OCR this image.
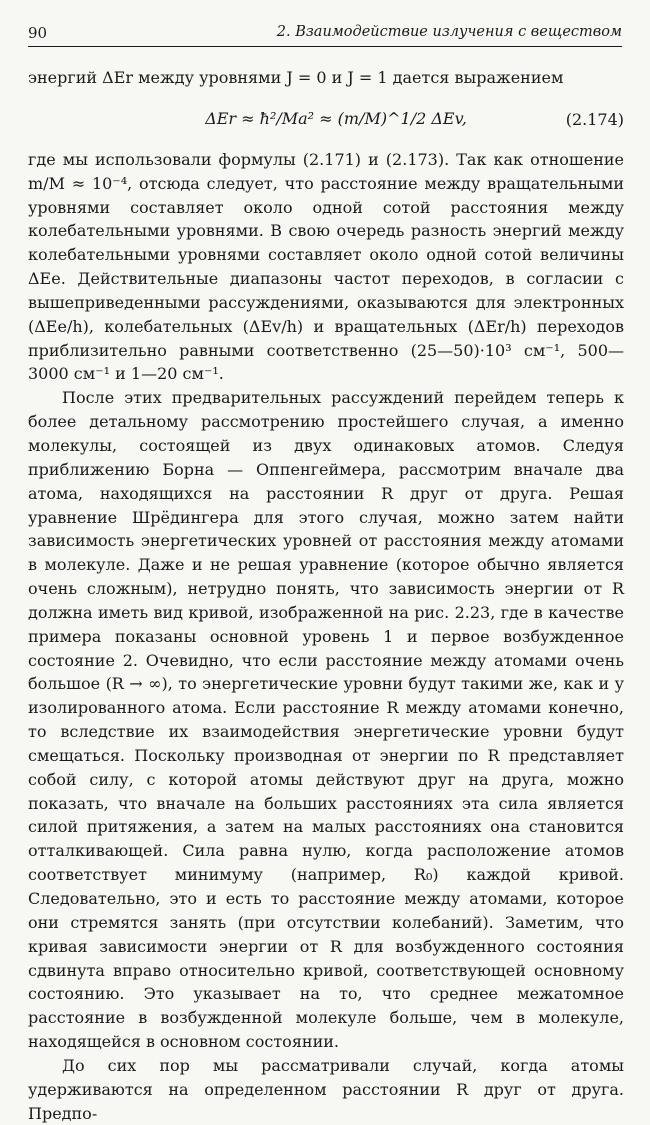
90	2. Взаимодействие излучения с веществом

энергий ΔEr между уровнями J = 0 и J = 1 дается выражением

ΔEr ≈ ħ²/Ma² ≈ (m/M)^1/2 ΔEv,	(2.174)

где мы использовали формулы (2.171) и (2.173). Так как отношение m/M ≈ 10⁻⁴, отсюда следует, что расстояние между вращательными уровнями составляет около одной сотой расстояния между колебательными уровнями. В свою очередь разность энергий между колебательными уровнями составляет около одной сотой величины ΔEe. Действительные диапазоны частот переходов, в согласии с вышеприведенными рассуждениями, оказываются для электронных (ΔEe/h), колебательных (ΔEv/h) и вращательных (ΔEr/h) переходов приблизительно равными соответственно (25—50)·10³ см⁻¹, 500—3000 см⁻¹ и 1—20 см⁻¹.

После этих предварительных рассуждений перейдем теперь к более детальному рассмотрению простейшего случая, а именно молекулы, состоящей из двух одинаковых атомов. Следуя приближению Борна — Оппенгеймера, рассмотрим вначале два атома, находящихся на расстоянии R друг от друга. Решая уравнение Шрёдингера для этого случая, можно затем найти зависимость энергетических уровней от расстояния между атомами в молекуле. Даже и не решая уравнение (которое обычно является очень сложным), нетрудно понять, что зависимость энергии от R должна иметь вид кривой, изображенной на рис. 2.23, где в качестве примера показаны основной уровень 1 и первое возбужденное состояние 2. Очевидно, что если расстояние между атомами очень большое (R → ∞), то энергетические уровни будут такими же, как и у изолированного атома. Если расстояние R между атомами конечно, то вследствие их взаимодействия энергетические уровни будут смещаться. Поскольку производная от энергии по R представляет собой силу, с которой атомы действуют друг на друга, можно показать, что вначале на больших расстояниях эта сила является силой притяжения, а затем на малых расстояниях она становится отталкивающей. Сила равна нулю, когда расположение атомов соответствует минимуму (например, R₀) каждой кривой. Следовательно, это и есть то расстояние между атомами, которое они стремятся занять (при отсутствии колебаний). Заметим, что кривая зависимости энергии от R для возбужденного состояния сдвинута вправо относительно кривой, соответствующей основному состоянию. Это указывает на то, что среднее межатомное расстояние в возбужденной молекуле больше, чем в молекуле, находящейся в основном состоянии.

До сих пор мы рассматривали случай, когда атомы удерживаются на определенном расстоянии R друг от друга. Предпо-
